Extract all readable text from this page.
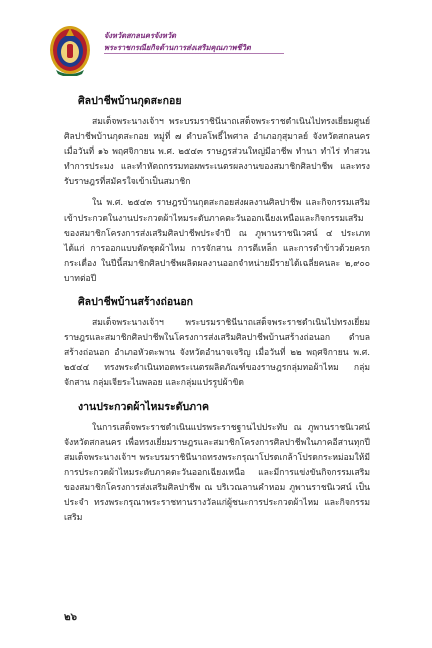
จังหวัดสกลนครจังหวัด
พระราชกรณียกิจด้านการส่งเสริมคุณภาพชีวิต
ศิลปาชีพบ้านกุดสะกอย

สมเด็จพระนางเจ้าฯ พระบรมราชินีนาถเสด็จพระราชดำเนินไปทรงเยี่ยมศูนย์ศิลปาชีพบ้านกุดสะกอย หมู่ที่ ๗ ตำบลโพธิ์ไพศาล อำเภอกุสุมาลย์ จังหวัดสกลนคร เมื่อวันที่ ๑๖ พฤศจิกายน พ.ศ. ๒๕๔๓ ราษฎรส่วนใหญ่มีอาชีพ ทำนา ทำไร่ ทำสวน ทำการประมง และทำหัตถกรรมทอผพระเนตรผลงานของสมาชิกศิลปาชีพ และทรงรับราษฎรที่สมัครใจเข้าเป็นสมาชิก

ใน พ.ศ. ๒๕๔๓ ราษฎรบ้านกุดสะกอยส่งผลงานศิลปาชีพ และกิจกรรมเสริมเข้าประกวดในงานประกวดผ้าไหมระดับภาคตะวันออกเฉียงเหนือและกิจกรรมเสริมของสมาชิกโครงการส่งเสริมศิลปาชีพประจำปี ณ ภูพานราชนิเวศน์ ๔ ประเภท ได้แก่ การออกแบบตัดชุดผ้าไหม การจักสาน การตีเหล็ก และการตำข้าวด้วยครกกระเดื่อง ในปีนี้สมาชิกศิลปาชีพผลิตผลงานออกจำหน่ายมีรายได้เฉลี่ยคนละ ๒,๙๐๐ บาทต่อปี

ศิลปาชีพบ้านสร้างถ่อนอก

สมเด็จพระนางเจ้าฯ พระบรมราชินีนาถเสด็จพระราชดำเนินไปทรงเยี่ยมราษฎรและสมาชิกศิลปาชีพในโครงการส่งเสริมศิลปาชีพบ้านสร้างถ่อนอก ตำบลสร้างถ่อนอก อำเภอหัวตะพาน จังหวัดอำนาจเจริญ เมื่อวันที่ ๒๒ พฤศจิกายน พ.ศ. ๒๕๔๔ ทรงพระดำเนินทอดพระเนตรผลิตภัณฑ์ของราษฎรกลุ่มทอผ้าไหม กลุ่มจักสาน กลุ่มเจียระไนพลอย และกลุ่มแปรรูปผ้าขิด

งานประกวดผ้าไหมระดับภาค

ในการเสด็จพระราชดำเนินแปรพระราชฐานไปประทับ ณ ภูพานราชนิเวศน์ จังหวัดสกลนคร เพื่อทรงเยี่ยมราษฎรและสมาชิกโครงการศิลปาชีพในภาคอีสานทุกปี สมเด็จพระนางเจ้าฯ พระบรมราชินีนาถทรงพระกรุณาโปรดเกล้าโปรดกระหม่อมให้มีการประกวดผ้าไหมระดับภาคตะวันออกเฉียงเหนือ และมีการแข่งขันกิจกรรมเสริมของสมาชิกโครงการส่งเสริมศิลปาชีพ ณ บริเวณลานคำหอม ภูพานราชนิเวศน์ เป็นประจำ ทรงพระกรุณาพระราชทานรางวัลแก่ผู้ชนะการประกวดผ้าไหม และกิจกรรมเสริม

๒๖
